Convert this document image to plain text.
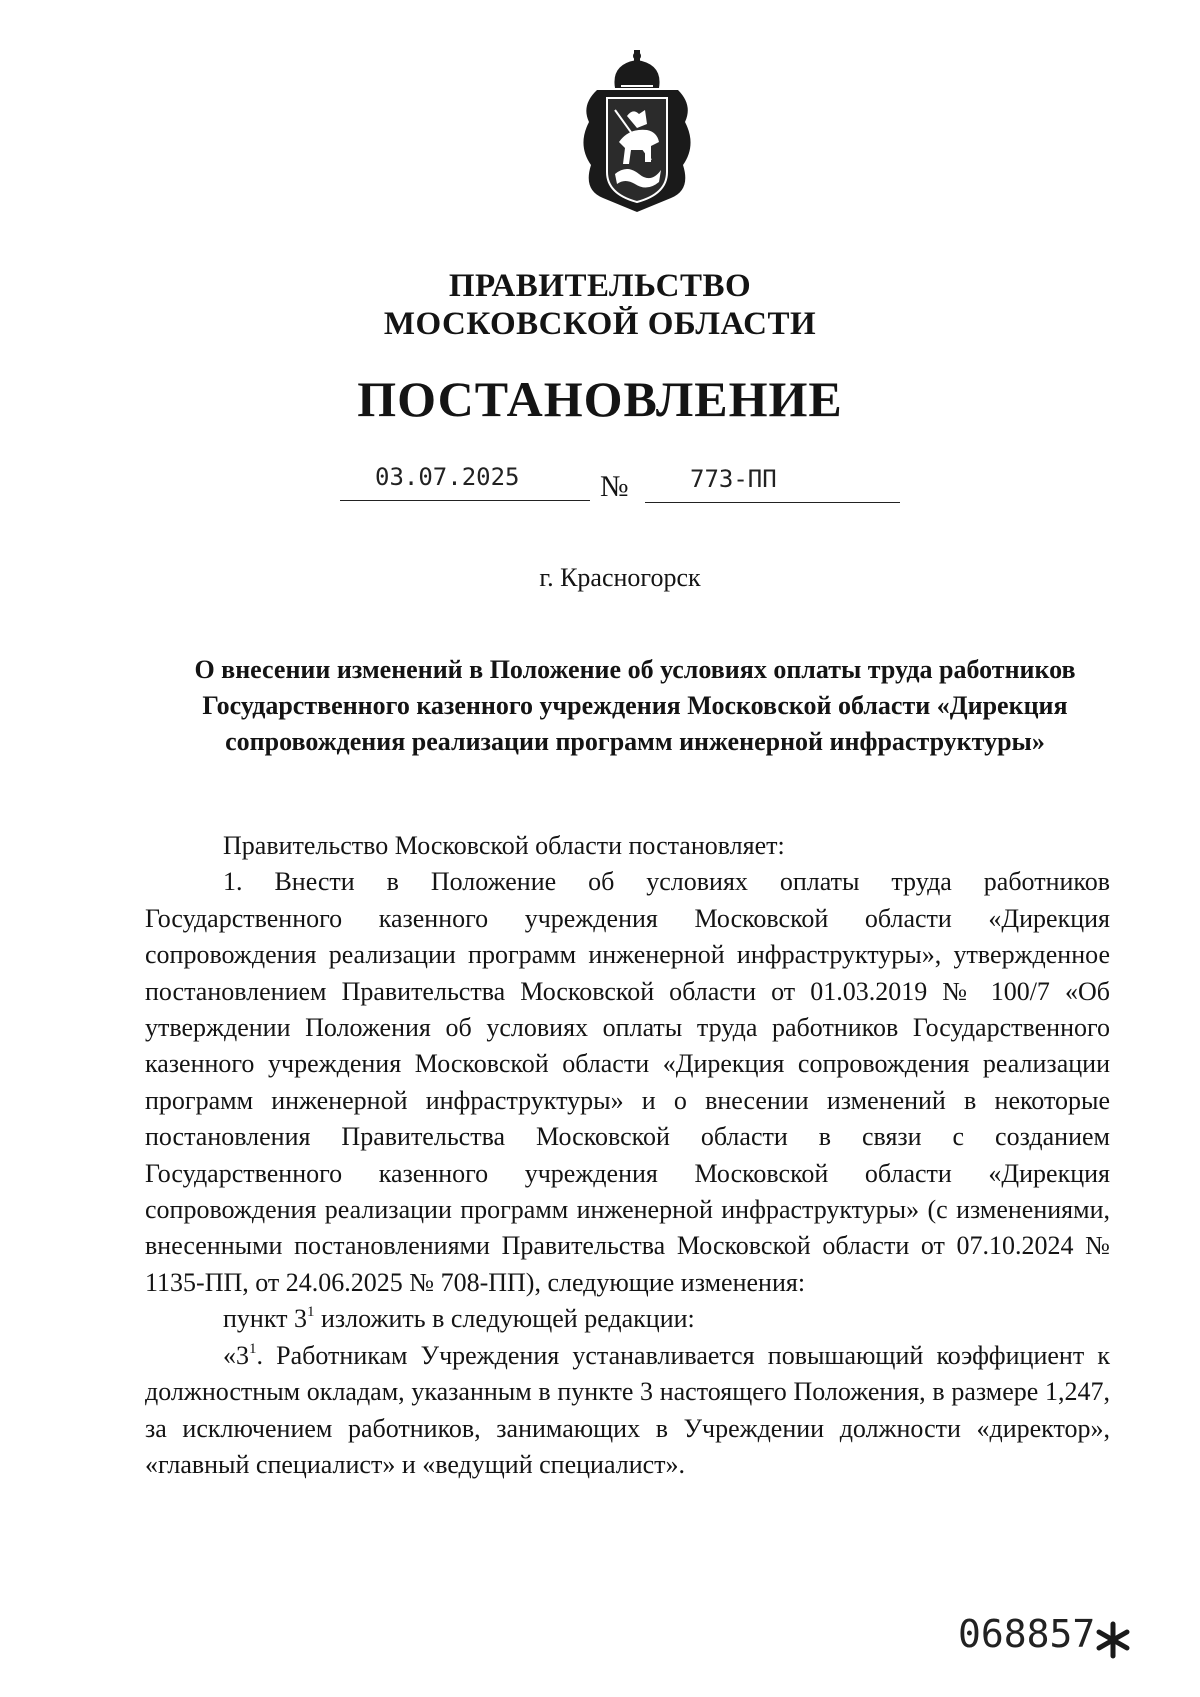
ПРАВИТЕЛЬСТВО
МОСКОВСКОЙ ОБЛАСТИ
ПОСТАНОВЛЕНИЕ
03.07.2025	№	773-ПП
г. Красногорск
О внесении изменений в Положение об условиях оплаты труда работников Государственного казенного учреждения Московской области «Дирекция сопровождения реализации программ инженерной инфраструктуры»

Правительство Московской области постановляет:

1. Внести в Положение об условиях оплаты труда работников Государственного казенного учреждения Московской области «Дирекция сопровождения реализации программ инженерной инфраструктуры», утвержденное постановлением Правительства Московской области от 01.03.2019 № 100/7 «Об утверждении Положения об условиях оплаты труда работников Государственного казенного учреждения Московской области «Дирекция сопровождения реализации программ инженерной инфраструктуры» и о внесении изменений в некоторые постановления Правительства Московской области в связи с созданием Государственного казенного учреждения Московской области «Дирекция сопровождения реализации программ инженерной инфраструктуры» (с изменениями, внесенными постановлениями Правительства Московской области от 07.10.2024 № 1135-ПП, от 24.06.2025 № 708-ПП), следующие изменения:

пункт $3^1$ изложить в следующей редакции:

«$3^1$. Работникам Учреждения устанавливается повышающий коэффициент к должностным окладам, указанным в пункте 3 настоящего Положения, в размере 1,247, за исключением работников, занимающих в Учреждении должности «директор», «главный специалист» и «ведущий специалист».

068857
